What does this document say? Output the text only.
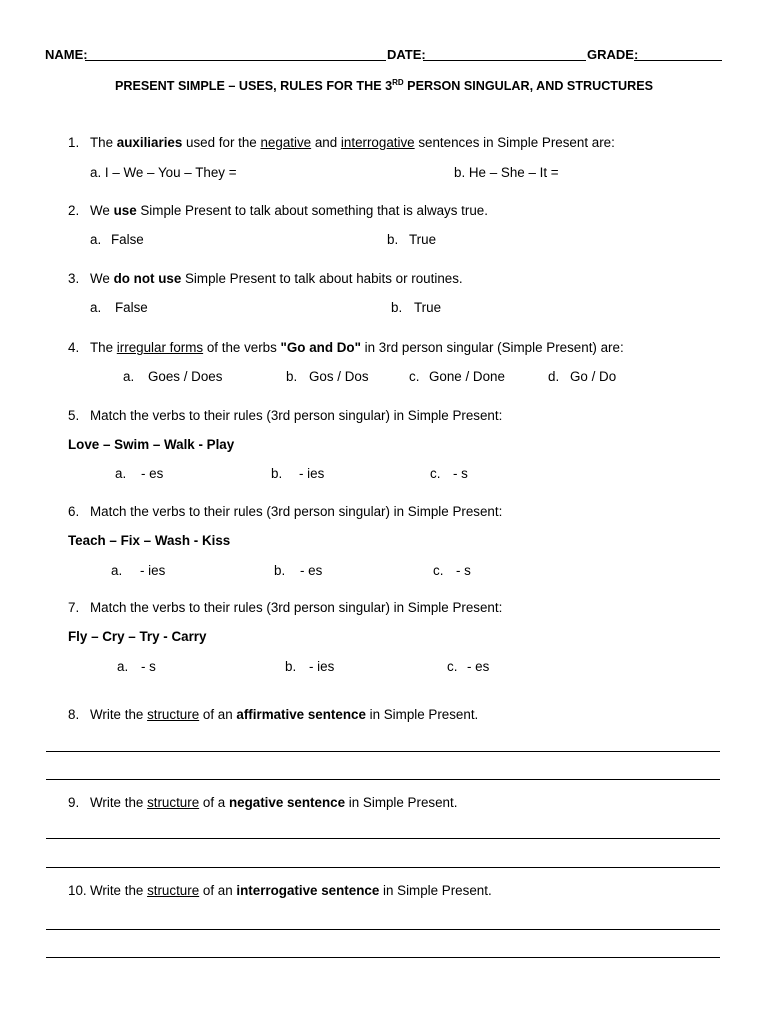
NAME:	DATE:	GRADE:
PRESENT SIMPLE – USES, RULES FOR THE 3RD PERSON SINGULAR, AND STRUCTURES
1. The auxiliaries used for the negative and interrogative sentences in Simple Present are:
a. I – We – You – They =	b. He – She – It =
2. We use Simple Present to talk about something that is always true.
a. False	b. True
3. We do not use Simple Present to talk about habits or routines.
a. False	b. True
4. The irregular forms of the verbs "Go and Do" in 3rd person singular (Simple Present) are:
a. Goes / Does	b. Gos / Dos	c. Gone / Done	d. Go / Do
5. Match the verbs to their rules (3rd person singular) in Simple Present:
Love – Swim – Walk - Play
a. - es	b. - ies	c. - s
6. Match the verbs to their rules (3rd person singular) in Simple Present:
Teach – Fix – Wash - Kiss
a. - ies	b. - es	c. - s
7. Match the verbs to their rules (3rd person singular) in Simple Present:
Fly – Cry – Try - Carry
a. - s	b. - ies	c. - es
8. Write the structure of an affirmative sentence in Simple Present.
9. Write the structure of a negative sentence in Simple Present.
10. Write the structure of an interrogative sentence in Simple Present.
